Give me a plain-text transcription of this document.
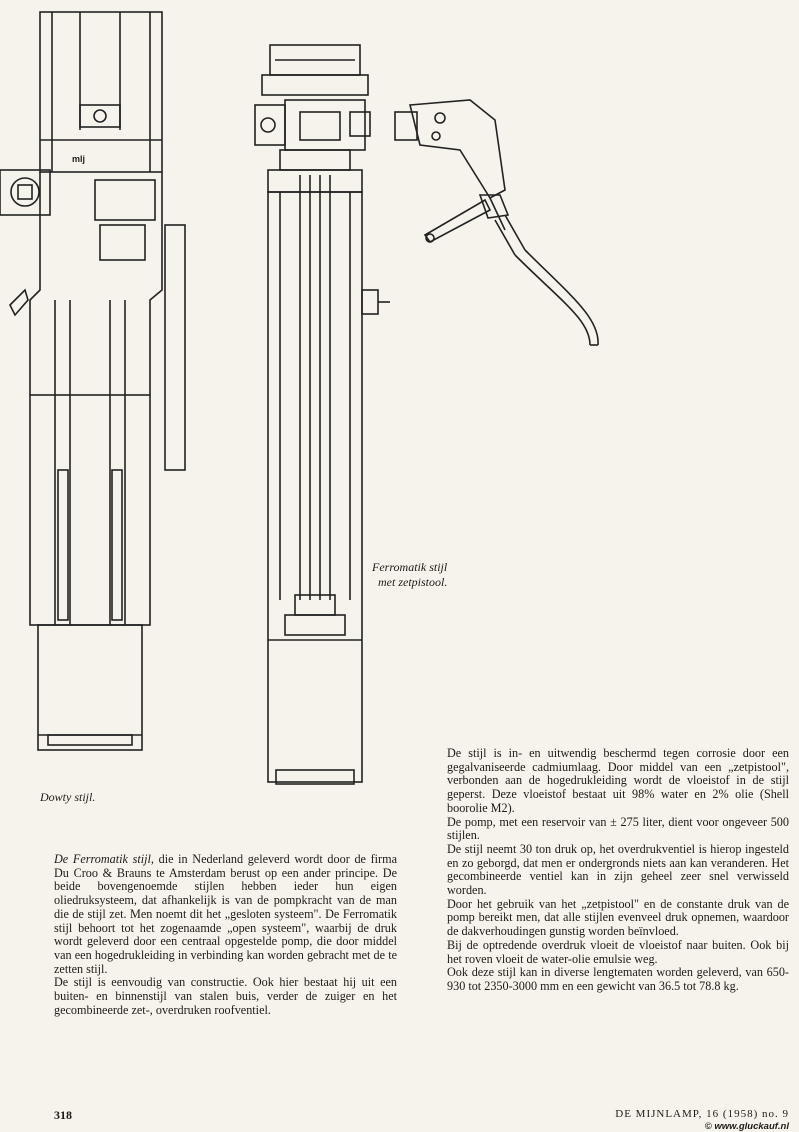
mlj
Dowty stijl.
Ferromatik stijl
met zetpistool.

De Ferromatik stijl, die in Nederland geleverd wordt door de firma Du Croo & Brauns te Amsterdam berust op een ander principe. De beide bovengenoemde stijlen hebben ieder hun eigen oliedruksysteem, dat afhankelijk is van de pompkracht van de man die de stijl zet. Men noemt dit het „gesloten systeem". De Ferromatik stijl behoort tot het zogenaamde „open systeem", waarbij de druk wordt geleverd door een centraal opgestelde pomp, die door middel van een hogedrukleiding in verbinding kan worden gebracht met de te zetten stijl.

De stijl is eenvoudig van constructie. Ook hier bestaat hij uit een buiten- en binnenstijl van stalen buis, verder de zuiger en het gecombineerde zet-, overdruken roofventiel.

De stijl is in- en uitwendig beschermd tegen corrosie door een gegalvaniseerde cadmiumlaag. Door middel van een „zetpistool", verbonden aan de hogedrukleiding wordt de vloeistof in de stijl geperst. Deze vloeistof bestaat uit 98% water en 2% olie (Shell boorolie M2).

De pomp, met een reservoir van ± 275 liter, dient voor ongeveer 500 stijlen.

De stijl neemt 30 ton druk op, het overdrukventiel is hierop ingesteld en zo geborgd, dat men er ondergronds niets aan kan veranderen. Het gecombineerde ventiel kan in zijn geheel zeer snel verwisseld worden.

Door het gebruik van het „zetpistool" en de constante druk van de pomp bereikt men, dat alle stijlen evenveel druk opnemen, waardoor de dakverhoudingen gunstig worden beïnvloed.

Bij de optredende overdruk vloeit de vloeistof naar buiten. Ook bij het roven vloeit de water-olie emulsie weg.

Ook deze stijl kan in diverse lengtematen worden geleverd, van 650-930 tot 2350-3000 mm en een gewicht van 36.5 tot 78.8 kg.

318	DE MIJNLAMP, 16 (1958) no. 9
© www.gluckauf.nl
